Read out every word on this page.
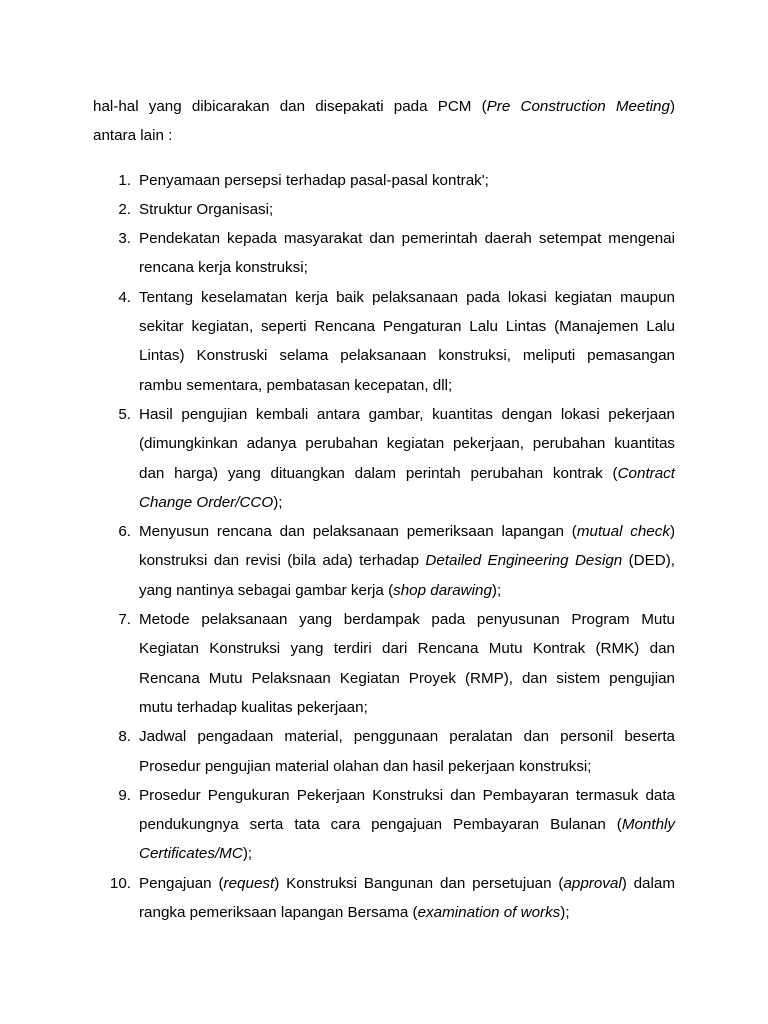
hal-hal yang dibicarakan dan disepakati pada PCM (Pre Construction Meeting)
antara lain :

1. Penyamaan persepsi terhadap pasal-pasal kontrak';
2. Struktur Organisasi;
3. Pendekatan kepada masyarakat dan pemerintah daerah setempat mengenai rencana kerja konstruksi;
4. Tentang keselamatan kerja baik pelaksanaan pada lokasi kegiatan maupun sekitar kegiatan, seperti Rencana Pengaturan Lalu Lintas (Manajemen Lalu Lintas) Konstruski selama pelaksanaan konstruksi, meliputi pemasangan rambu sementara, pembatasan kecepatan, dll;
5. Hasil pengujian kembali antara gambar, kuantitas dengan lokasi pekerjaan (dimungkinkan adanya perubahan kegiatan pekerjaan, perubahan kuantitas dan harga) yang dituangkan dalam perintah perubahan kontrak (Contract Change Order/CCO);
6. Menyusun rencana dan pelaksanaan pemeriksaan lapangan (mutual check) konstruksi dan revisi (bila ada) terhadap Detailed Engineering Design (DED), yang nantinya sebagai gambar kerja (shop darawing);
7. Metode pelaksanaan yang berdampak pada penyusunan Program Mutu Kegiatan Konstruksi yang terdiri dari Rencana Mutu Kontrak (RMK) dan Rencana Mutu Pelaksnaan Kegiatan Proyek (RMP), dan sistem pengujian mutu terhadap kualitas pekerjaan;
8. Jadwal pengadaan material, penggunaan peralatan dan personil beserta Prosedur pengujian material olahan dan hasil pekerjaan konstruksi;
9. Prosedur Pengukuran Pekerjaan Konstruksi dan Pembayaran termasuk data pendukungnya serta tata cara pengajuan Pembayaran Bulanan (Monthly Certificates/MC);
10. Pengajuan (request) Konstruksi Bangunan dan persetujuan (approval) dalam rangka pemeriksaan lapangan Bersama (examination of works);
